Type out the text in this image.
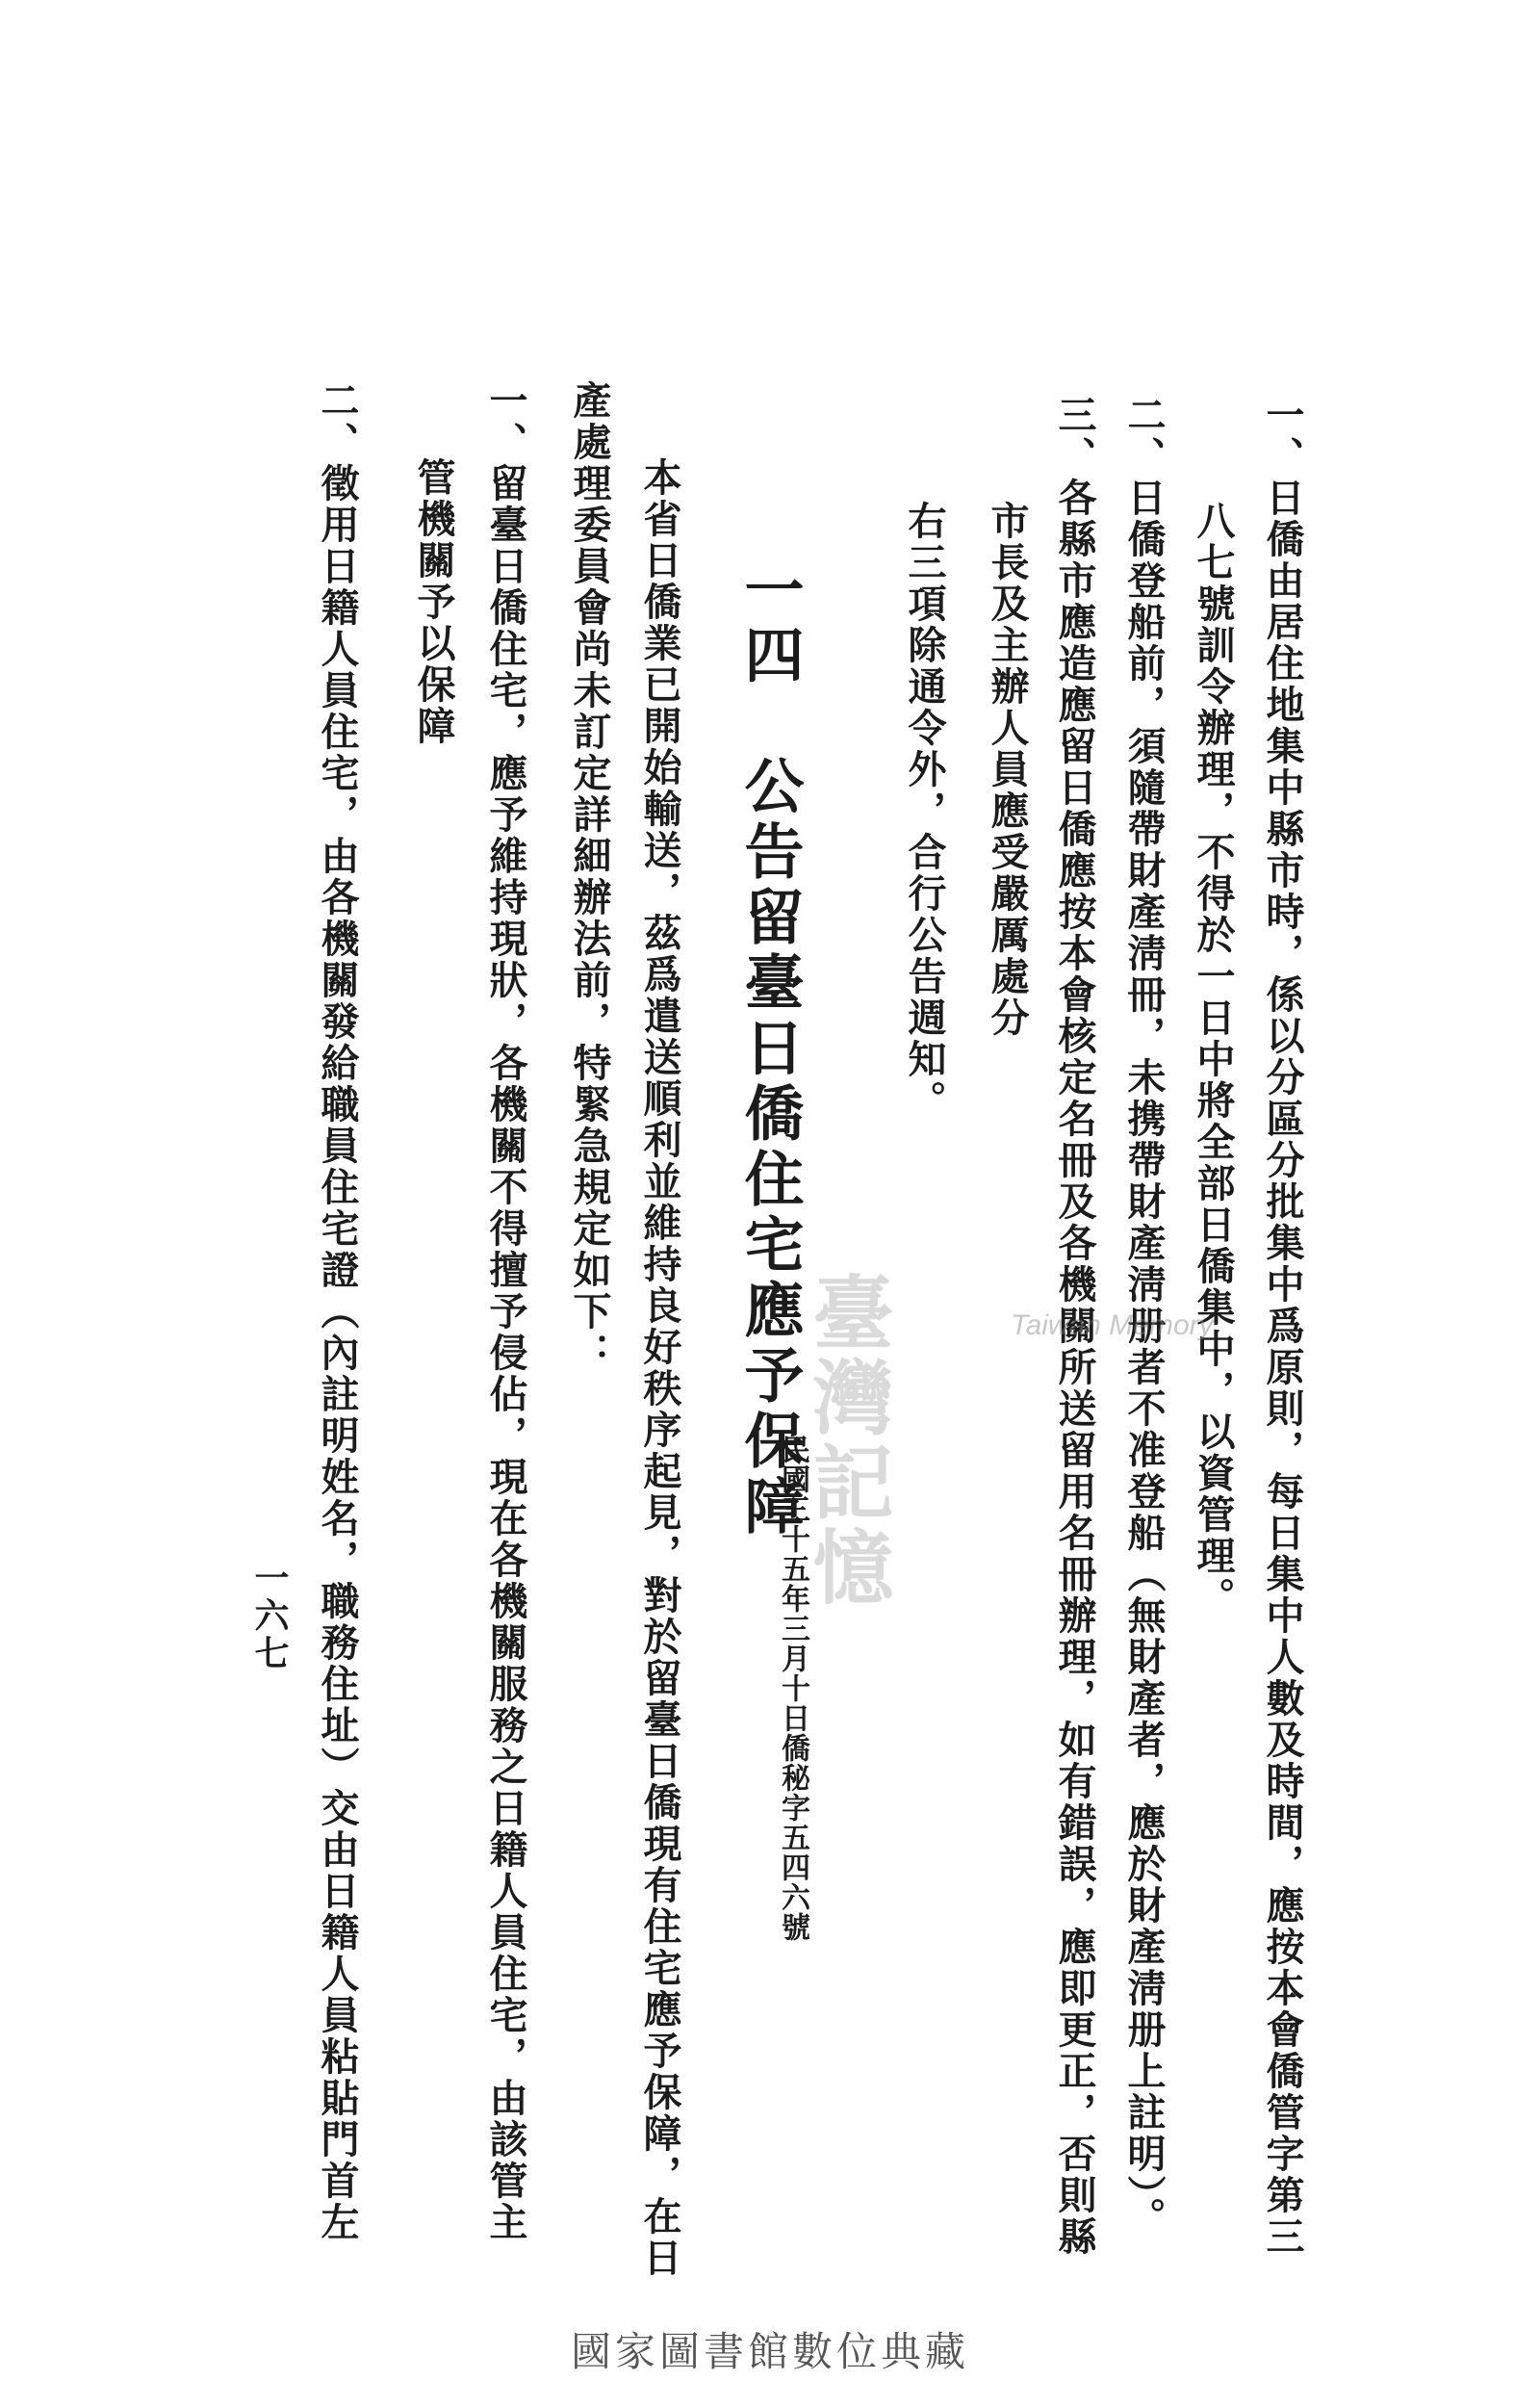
一、日僑由居住地集中縣市時，係以分區分批集中爲原則，每日集中人數及時間，應按本會僑管字第三
八七號訓令辦理，不得於一日中將全部日僑集中，以資管理。
二、日僑登船前，須隨帶財產淸冊，未携帶財產淸册者不准登船（無財產者，應於財產淸册上註明）。
三、各縣市應造應留日僑應按本會核定名冊及各機關所送留用名冊辦理，如有錯誤，應即更正，否則縣
市長及主辦人員應受嚴厲處分
右三項除通令外，合行公告週知。
一四　公告留臺日僑住宅應予保障
民國三十五年三月十日僑秘字五四六號
本省日僑業已開始輸送，茲爲遣送順利並維持良好秩序起見，對於留臺日僑現有住宅應予保障，在日
產處理委員會尚未訂定詳細辦法前，特緊急規定如下：
一、留臺日僑住宅，應予維持現狀，各機關不得擅予侵佔，現在各機關服務之日籍人員住宅，由該管主
管機關予以保障
二、徵用日籍人員住宅，由各機關發給職員住宅證（內註明姓名，職務住址）交由日籍人員粘貼門首左
一六七
臺灣記憶	Taiwan Memory
國家圖書館數位典藏
